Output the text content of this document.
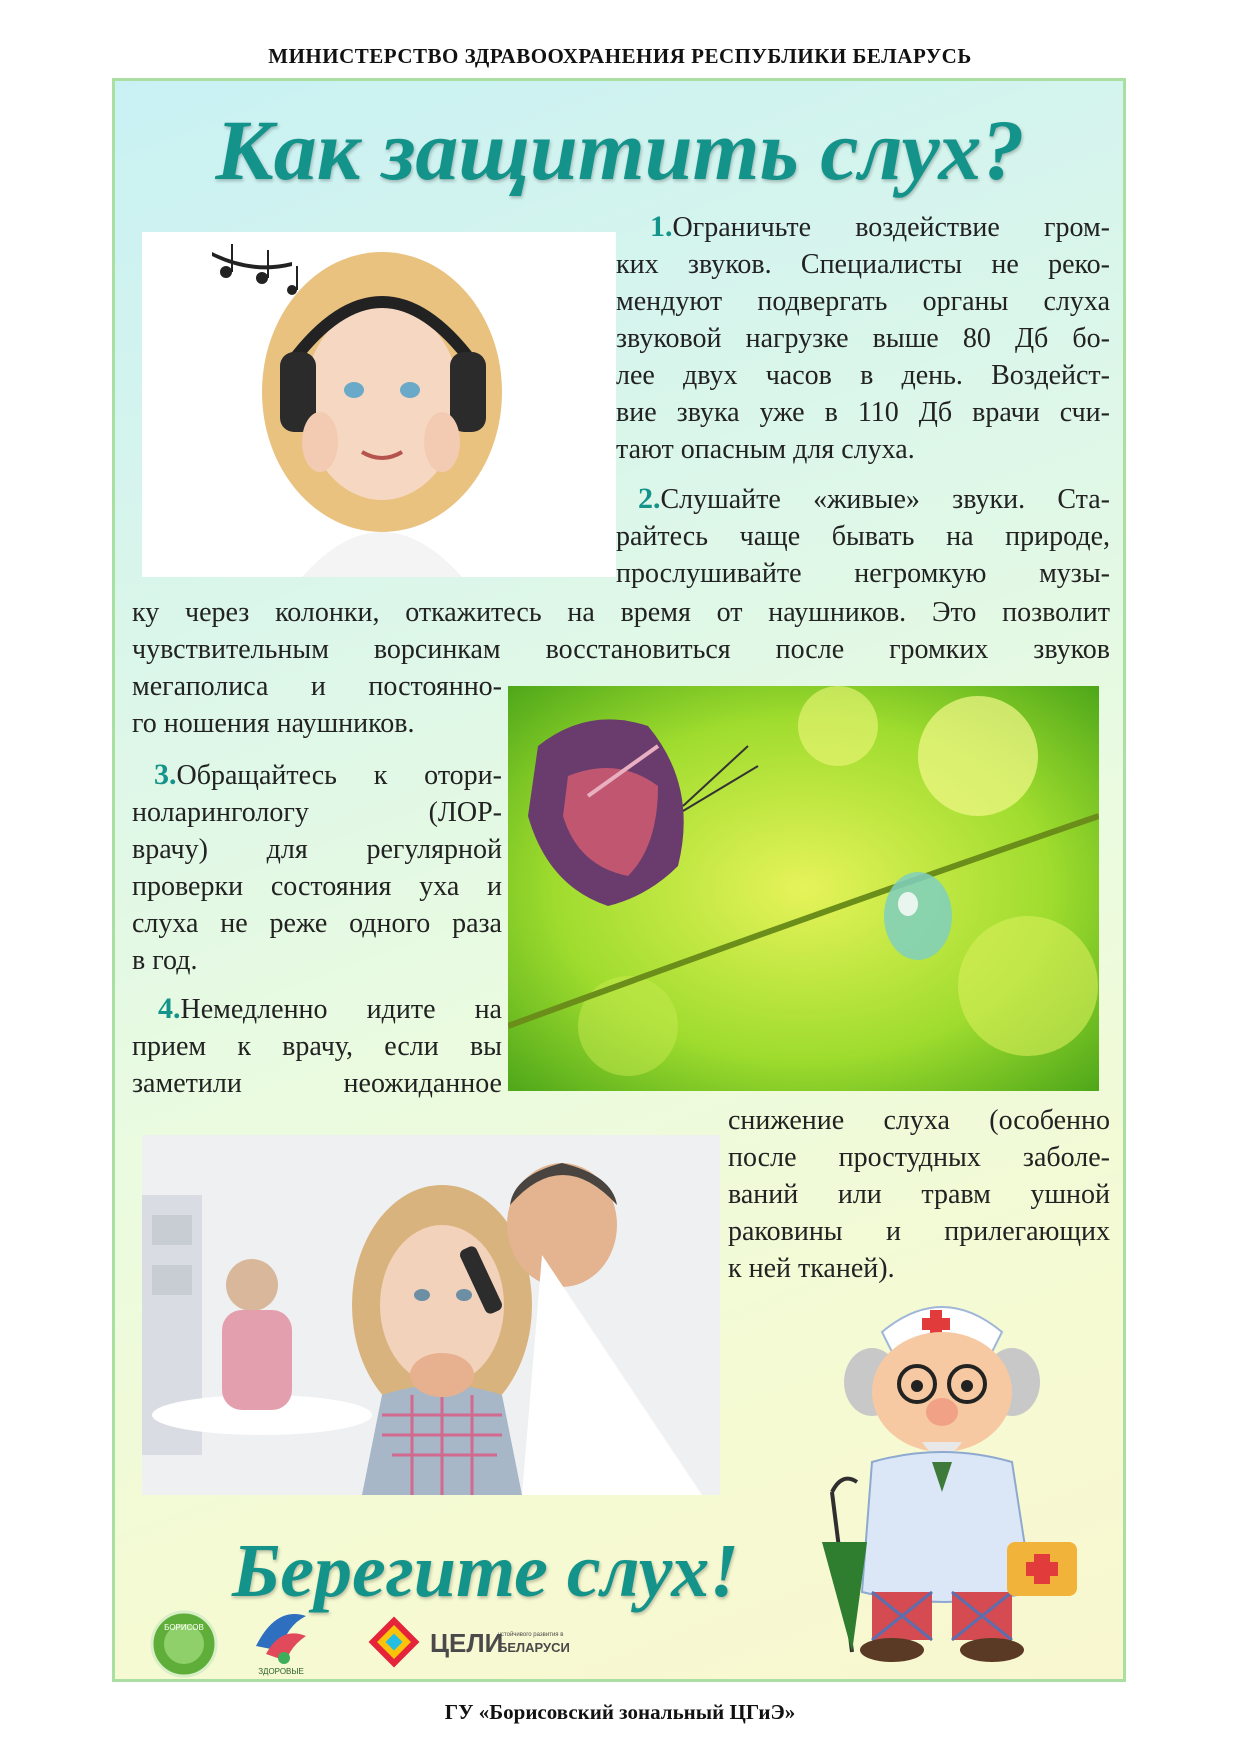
МИНИСТЕРСТВО ЗДРАВООХРАНЕНИЯ РЕСПУБЛИКИ БЕЛАРУСЬ
Как защитить слух?
1.Ограничьте воздействие гром-
ких звуков. Специалисты не реко-
мендуют подвергать органы слуха
звуковой нагрузке выше 80 Дб бо-
лее двух часов в день. Воздейст-
вие звука уже в 110 Дб врачи счи-
тают опасным для слуха.
2.Слушайте «живые» звуки. Ста-
райтесь чаще бывать на природе,
прослушивайте негромкую музы-
ку через колонки, откажитесь на время от наушников. Это позволит
чувствительным ворсинкам восстановиться после громких звуков
мегаполиса и постоянно-
го ношения наушников.
3.Обращайтесь к отори-
ноларингологу (ЛОР-
врачу) для регулярной
проверки состояния уха и
слуха не реже одного раза
в год.
4.Немедленно идите на
прием к врачу, если вы
заметили неожиданное
снижение слуха (особенно
после простудных заболе-
ваний или травм ушной
раковины и прилегающих
к ней тканей).
Берегите слух!
БОРИСОВ
ЗДОРОВЫЕ
ЦЕЛИ
устойчивого развития в
БЕЛАРУСИ
ГУ «Борисовский зональный ЦГиЭ»
